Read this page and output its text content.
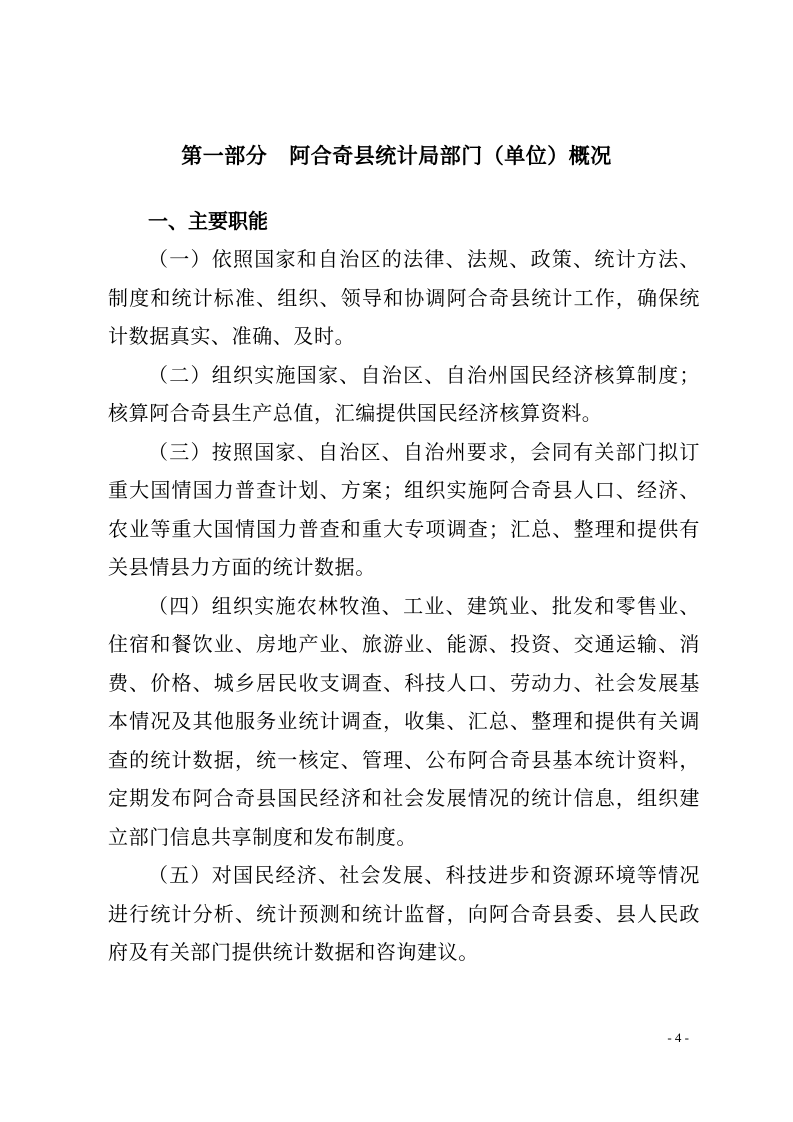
第一部分 阿合奇县统计局部门（单位）概况
一、主要职能

（一）依照国家和自治区的法律、法规、政策、统计方法、制度和统计标准、组织、领导和协调阿合奇县统计工作，确保统计数据真实、准确、及时。

（二）组织实施国家、自治区、自治州国民经济核算制度；核算阿合奇县生产总值，汇编提供国民经济核算资料。

（三）按照国家、自治区、自治州要求，会同有关部门拟订重大国情国力普查计划、方案；组织实施阿合奇县人口、经济、农业等重大国情国力普查和重大专项调查；汇总、整理和提供有关县情县力方面的统计数据。

（四）组织实施农林牧渔、工业、建筑业、批发和零售业、住宿和餐饮业、房地产业、旅游业、能源、投资、交通运输、消费、价格、城乡居民收支调查、科技人口、劳动力、社会发展基本情况及其他服务业统计调查，收集、汇总、整理和提供有关调查的统计数据，统一核定、管理、公布阿合奇县基本统计资料，定期发布阿合奇县国民经济和社会发展情况的统计信息，组织建立部门信息共享制度和发布制度。

（五）对国民经济、社会发展、科技进步和资源环境等情况进行统计分析、统计预测和统计监督，向阿合奇县委、县人民政府及有关部门提供统计数据和咨询建议。

- 4 -
